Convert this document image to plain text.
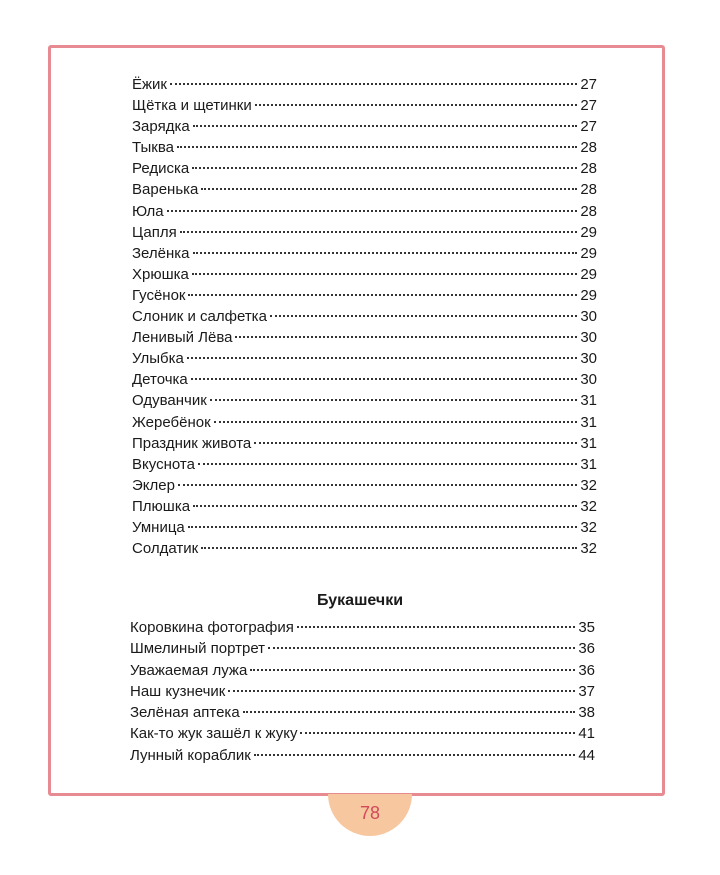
Ёжик	27
Щётка и щетинки	27
Зарядка	27
Тыква	28
Редиска	28
Варенька	28
Юла	28
Цапля	29
Зелёнка	29
Хрюшка	29
Гусёнок	29
Слоник и салфетка	30
Ленивый Лёва	30
Улыбка	30
Деточка	30
Одуванчик	31
Жеребёнок	31
Праздник живота	31
Вкуснота	31
Эклер	32
Плюшка	32
Умница	32
Солдатик	32
Букашечки
Коровкина фотография	35
Шмелиный портрет	36
Уважаемая лужа	36
Наш кузнечик	37
Зелёная аптека	38
Как-то жук зашёл к жуку	41
Лунный кораблик	44
78
